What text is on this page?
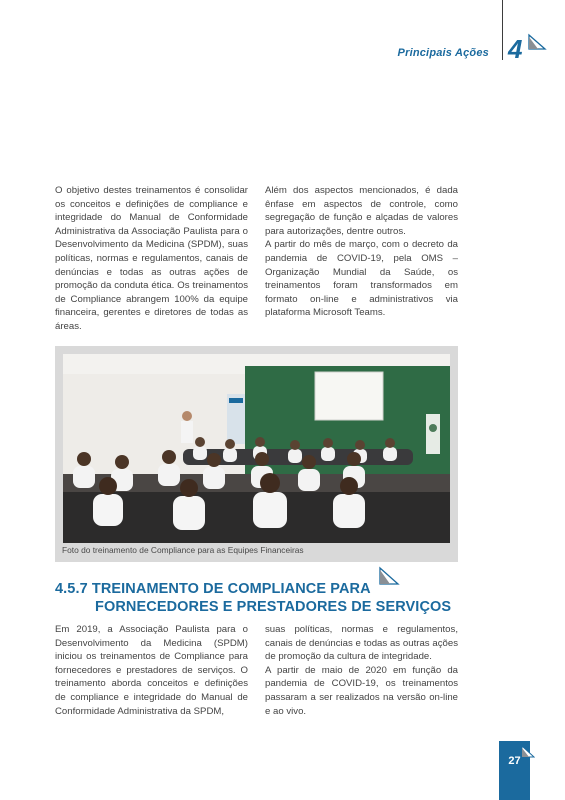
Principais Ações 4

O objetivo destes treinamentos é consolidar os conceitos e definições de compliance e integridade do Manual de Conformidade Administrativa da Associação Paulista para o Desenvolvimento da Medicina (SPDM), suas políticas, normas e regulamentos, canais de denúncias e todas as outras ações de promoção da conduta ética. Os treinamentos de Compliance abrangem 100% da equipe financeira, gerentes e diretores de todas as áreas.

Além dos aspectos mencionados, é dada ênfase em aspectos de controle, como segregação de função e alçadas de valores para autorizações, dentre outros.

A partir do mês de março, com o decreto da pandemia de COVID-19, pela OMS – Organização Mundial da Saúde, os treinamentos foram transformados em formato on-line e administrativos via plataforma Microsoft Teams.

Foto do treinamento de Compliance para as Equipes Financeiras
4.5.7 TREINAMENTO DE COMPLIANCE PARA
FORNECEDORES E PRESTADORES DE SERVIÇOS

Em 2019, a Associação Paulista para o Desenvolvimento da Medicina (SPDM) iniciou os treinamentos de Compliance para fornecedores e prestadores de serviços. O treinamento aborda conceitos e definições de compliance e integridade do Manual de Conformidade Administrativa da SPDM,

suas políticas, normas e regulamentos, canais de denúncias e todas as outras ações de promoção da cultura de integridade.

A partir de maio de 2020 em função da pandemia de COVID-19, os treinamentos passaram a ser realizados na versão on-line e ao vivo.

27
